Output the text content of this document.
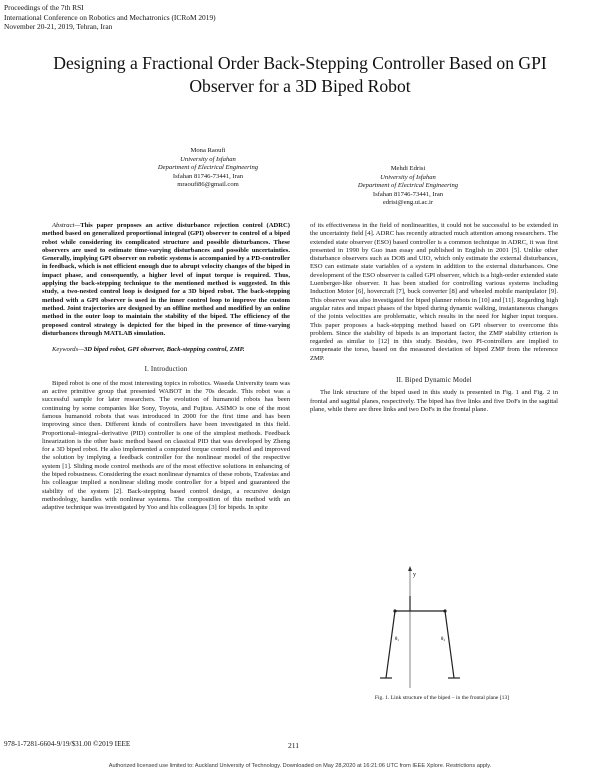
Proceedings of the 7th RSI
International Conference on Robotics and Mechatronics (ICRoM 2019)
November 20-21, 2019, Tehran, Iran
Designing a Fractional Order Back-Stepping Controller Based on GPI Observer for a 3D Biped Robot
Mona Raoufi
University of Isfahan
Department of Electrical Engineering
Isfahan 81746-73441, Iran
mraoufi86@gmail.com
Mehdi Edrisi
University of Isfahan
Department of Electrical Engineering
Isfahan 81746-73441, Iran
edrisi@eng.ui.ac.ir

Abstract—This paper proposes an active disturbance rejection control (ADRC) method based on generalized proportional integral (GPI) observer to control of a biped robot while considering its complicated structure and possible disturbances. These observers are used to estimate time-varying disturbances and possible uncertainties. Generally, implying GPI observer on robotic systems is accompanied by a PD-controller in feedback, which is not efficient enough due to abrupt velocity changes of the biped in impact phase, and consequently, a higher level of input torque is required. Thus, applying the back-stepping technique to the mentioned method is suggested. In this study, a two-nested control loop is designed for a 3D biped robot. The back-stepping method with a GPI observer is used in the inner control loop to improve the custom method. Joint trajectories are designed by an offline method and modified by an online method in the outer loop to maintain the stability of the biped. The efficiency of the proposed control strategy is depicted for the biped in the presence of time-varying disturbances through MATLAB simulation.

Keywords—3D biped robot, GPI observer, Back-stepping control, ZMP.

I. Introduction

Biped robot is one of the most interesting topics in robotics. Waseda University team was an active primitive group that presented WABOT in the 70s decade. This robot was a successful sample for later researchers. The evolution of humanoid robots has been continuing by some companies like Sony, Toyota, and Fujitsu. ASIMO is one of the most famous humanoid robots that was introduced in 2000 for the first time and has been improving since then. Different kinds of controllers have been investigated in this field. Proportional–integral–derivative (PID) controller is one of the simplest methods. Feedback linearization is the other basic method based on classical PID that was developed by Zheng for a 3D biped robot. He also implemented a computed torque control method and improved the solution by implying a feedback controller for the nonlinear model of the respective system [1]. Sliding mode control methods are of the most effective solutions in enhancing of the biped robustness. Considering the exact nonlinear dynamics of these robots, Tzafestas and his colleague implied a nonlinear sliding mode controller for a biped and guaranteed the stability of the system [2]. Back-stepping based control design, a recursive design methodology, handles with nonlinear systems. The composition of this method with an adaptive technique was investigated by Yoo and his colleagues [3] for bipeds. In spite

of its effectiveness in the field of nonlinearities, it could not be successful to be extended in the uncertainty field [4]. ADRC has recently attracted much attention among researchers. The extended state observer (ESO) based controller is a common technique in ADRC, it was first presented in 1990 by Guo inan essay and published in English in 2001 [5]. Unlike other disturbance observers such as DOB and UIO, which only estimate the external disturbances, ESO can estimate state variables of a system in addition to the external disturbances. One development of the ESO observer is called GPI observer, which is a high-order extended state Luenberger-like observer. It has been studied for controlling various systems including Induction Motor [6], hovercraft [7], buck converter [8] and wheeled mobile manipulator [9]. This observer was also investigated for biped planner robots in [10] and [11]. Regarding high angular rates and impact phases of the biped during dynamic walking, instantaneous changes of the joints velocities are problematic, which results in the need for higher input torques. This paper proposes a back-stepping method based on GPI observer to overcome this problem. Since the stability of bipeds is an important factor, the ZMP stability criterion is regarded as similar to [12] in this study. Besides, two PI-controllers are implied to compensate the torso, based on the measured deviation of biped ZMP from the reference ZMP.

II. Biped Dynamic Model

The link structure of the biped used in this study is presented in Fig. 1 and Fig. 2 in frontal and sagittal planes, respectively. The biped has five links and five DoFs in the sagittal plane, while there are three links and two DoFs in the frontal plane.

y
θ₁	θ₂
Fig. 1. Link structure of the biped – in the frontal plane [13]
978-1-7281-6604-9/19/$31.00 ©2019 IEEE	211
Authorized licensed use limited to: Auckland University of Technology. Downloaded on May 28,2020 at 16:21:06 UTC from IEEE Xplore. Restrictions apply.
